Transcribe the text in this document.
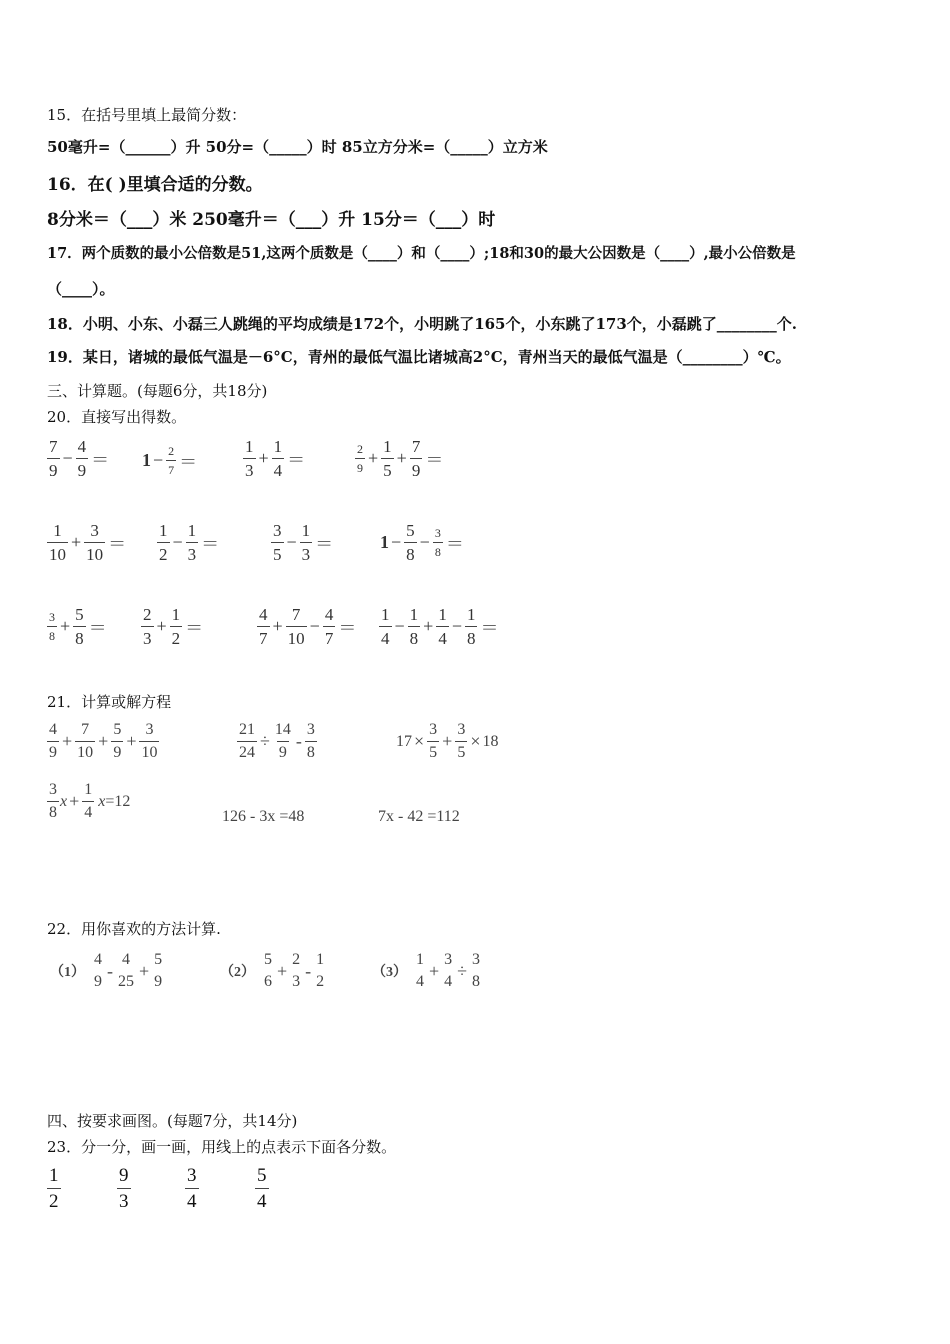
15．在括号里填上最简分数：
50毫升=（______）升 50分=（_____）时 85立方分米=（_____）立方米
16．在( )里填合适的分数。
8分米＝（___）米 250毫升＝（___）升 15分＝（___）时
17．两个质数的最小公倍数是51,这两个质数是（____）和（____）;18和30的最大公因数是（____）,最小公倍数是
（____）。
18．小明、小东、小磊三人跳绳的平均成绩是172个，小明跳了165个，小东跳了173个，小磊跳了________个.
19．某日，诸城的最低气温是－6°C，青州的最低气温比诸城高2°C，青州当天的最低气温是（________）℃。
三、计算题。(每题6分，共18分)
20．直接写出得数。
$\frac{7}{9} - \frac{4}{9} = 1 - \frac{2}{7}$ ＝	$\frac{1}{3} + \frac{1}{4}$ ＝	$\frac{2}{9} + \frac{1}{5} + \frac{7}{9}$ ＝
$\frac{1}{10} + \frac{3}{10} = \frac{1}{2} - \frac{1}{3}$ ＝	$\frac{3}{5} - \frac{1}{3}$ ＝	$1 - \frac{5}{8} - \frac{3}{8}$ ＝
$\frac{3}{8} + \frac{5}{8} = \frac{2}{3} + \frac{1}{2}$ ＝	$\frac{4}{7} + \frac{7}{10} - \frac{4}{7} = \frac{1}{4} - \frac{1}{8} + \frac{1}{4} - \frac{1}{8}$ ＝
21．计算或解方程
$\frac{4}{9} + \frac{7}{10} + \frac{5}{9} + \frac{3}{10}$	$\frac{21}{24} \div \frac{14}{9} - \frac{3}{8}$	$17 \times \frac{3}{5} + \frac{3}{5} \times 18$
$\frac{3}{8}$ $x + \frac{1}{4}$ x =12
126 - 3x =48	7x - 42 =112
22．用你喜欢的方法计算.
（1）
4
9
-
4
25
+
5
9
（2）
5
6
+
2
3
-
1
2
（3）
1
4
+
3
4
÷
3
8
四、按要求画图。(每题7分，共14分)
23．分一分，画一画，用线上的点表示下面各分数。
$\frac{1}{2}$	$\frac{9}{3}$	$\frac{3}{4}$	$\frac{5}{4}$
